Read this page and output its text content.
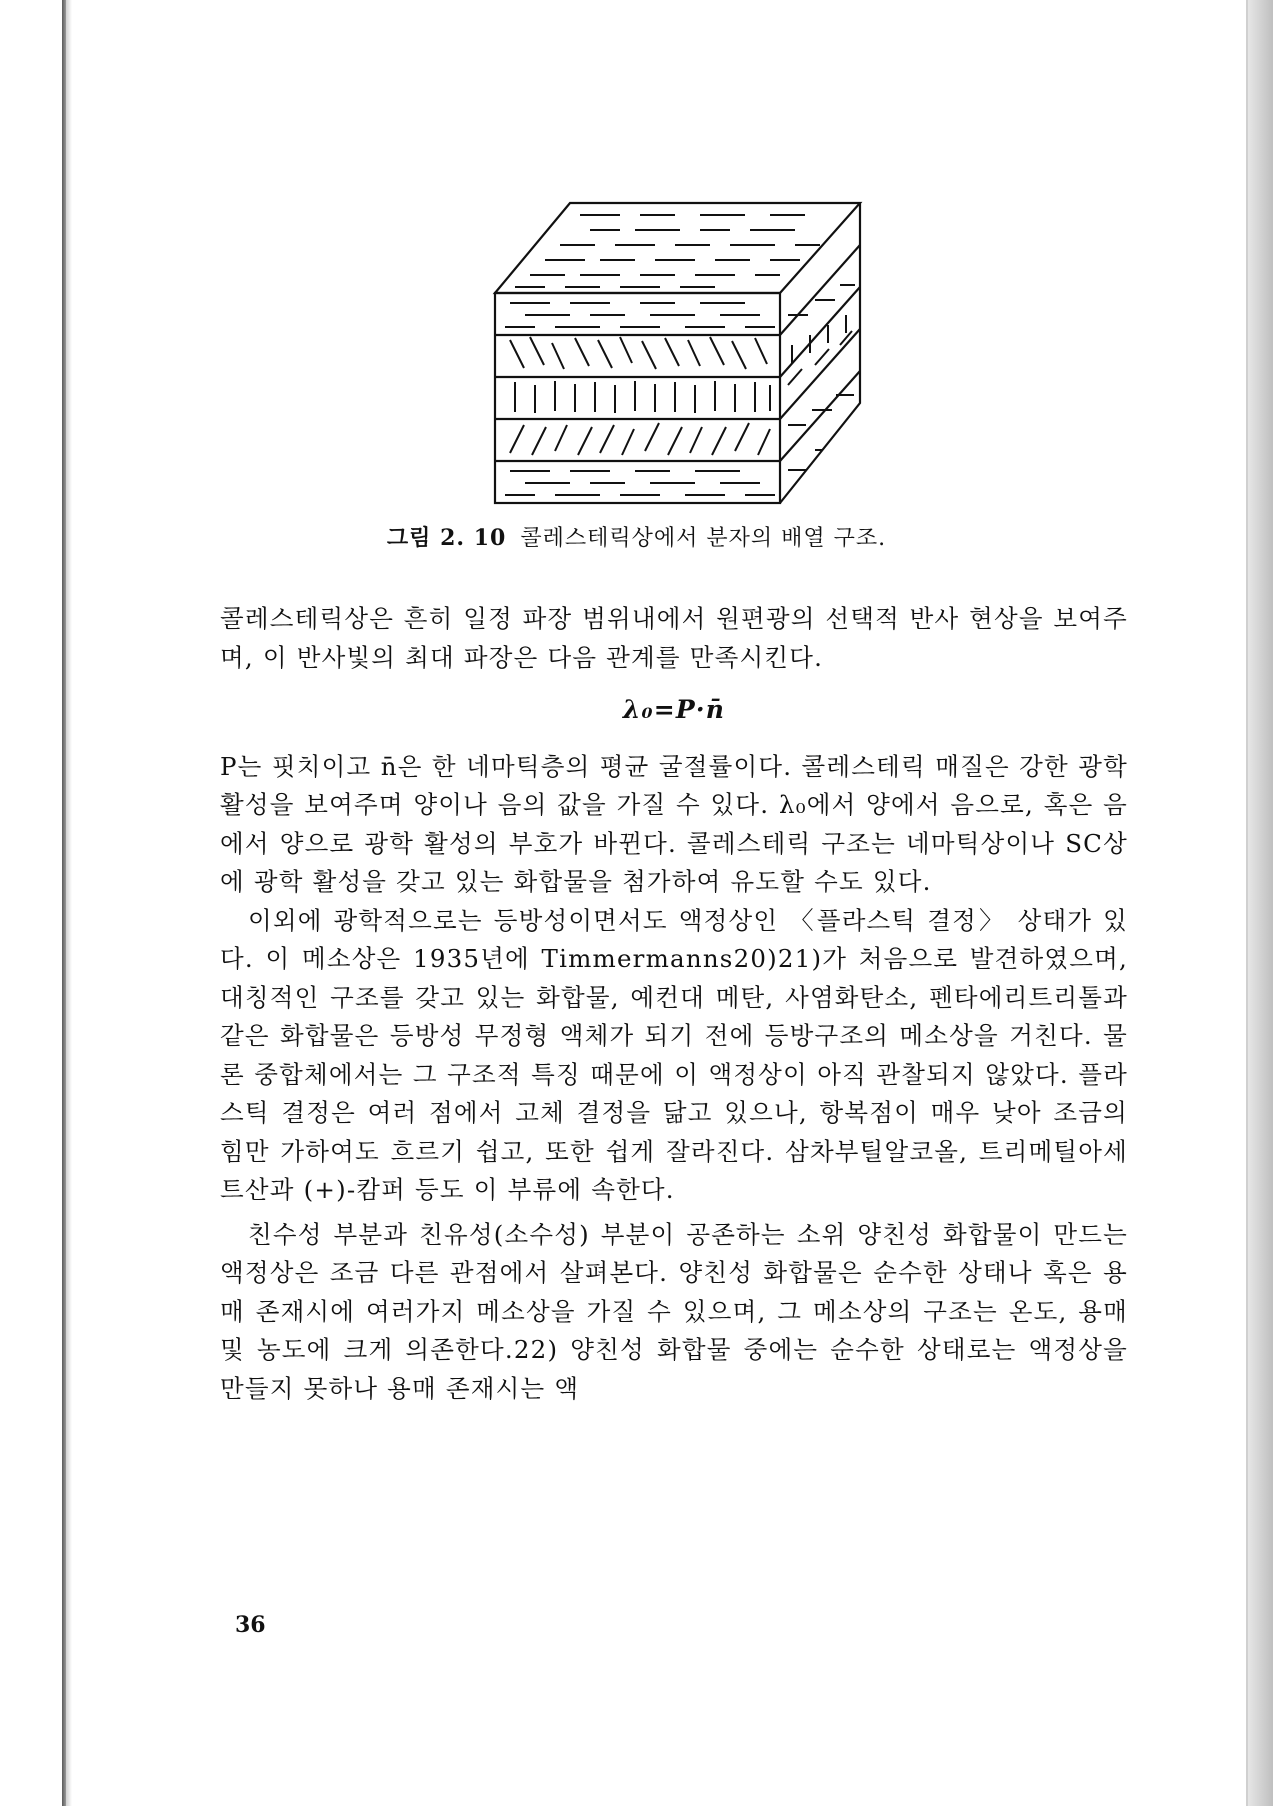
그림 2. 10 콜레스테릭상에서 분자의 배열 구조.

콜레스테릭상은 흔히 일정 파장 범위내에서 원편광의 선택적 반사 현상을 보여주며, 이 반사빛의 최대 파장은 다음 관계를 만족시킨다.

λ₀=P·n̄

P는 핏치이고 n̄은 한 네마틱층의 평균 굴절률이다. 콜레스테릭 매질은 강한 광학활성을 보여주며 양이나 음의 값을 가질 수 있다. λ₀에서 양에서 음으로, 혹은 음에서 양으로 광학 활성의 부호가 바뀐다. 콜레스테릭 구조는 네마틱상이나 SC상에 광학 활성을 갖고 있는 화합물을 첨가하여 유도할 수도 있다.

이외에 광학적으로는 등방성이면서도 액정상인 〈플라스틱 결정〉 상태가 있다. 이 메소상은 1935년에 Timmermanns20)21)가 처음으로 발견하였으며, 대칭적인 구조를 갖고 있는 화합물, 예컨대 메탄, 사염화탄소, 펜타에리트리톨과 같은 화합물은 등방성 무정형 액체가 되기 전에 등방구조의 메소상을 거친다. 물론 중합체에서는 그 구조적 특징 때문에 이 액정상이 아직 관찰되지 않았다. 플라스틱 결정은 여러 점에서 고체 결정을 닮고 있으나, 항복점이 매우 낮아 조금의 힘만 가하여도 흐르기 쉽고, 또한 쉽게 잘라진다. 삼차부틸알코올, 트리메틸아세트산과 (+)-캄퍼 등도 이 부류에 속한다.

친수성 부분과 친유성(소수성) 부분이 공존하는 소위 양친성 화합물이 만드는 액정상은 조금 다른 관점에서 살펴본다. 양친성 화합물은 순수한 상태나 혹은 용매 존재시에 여러가지 메소상을 가질 수 있으며, 그 메소상의 구조는 온도, 용매 및 농도에 크게 의존한다.22) 양친성 화합물 중에는 순수한 상태로는 액정상을 만들지 못하나 용매 존재시는 액

36
